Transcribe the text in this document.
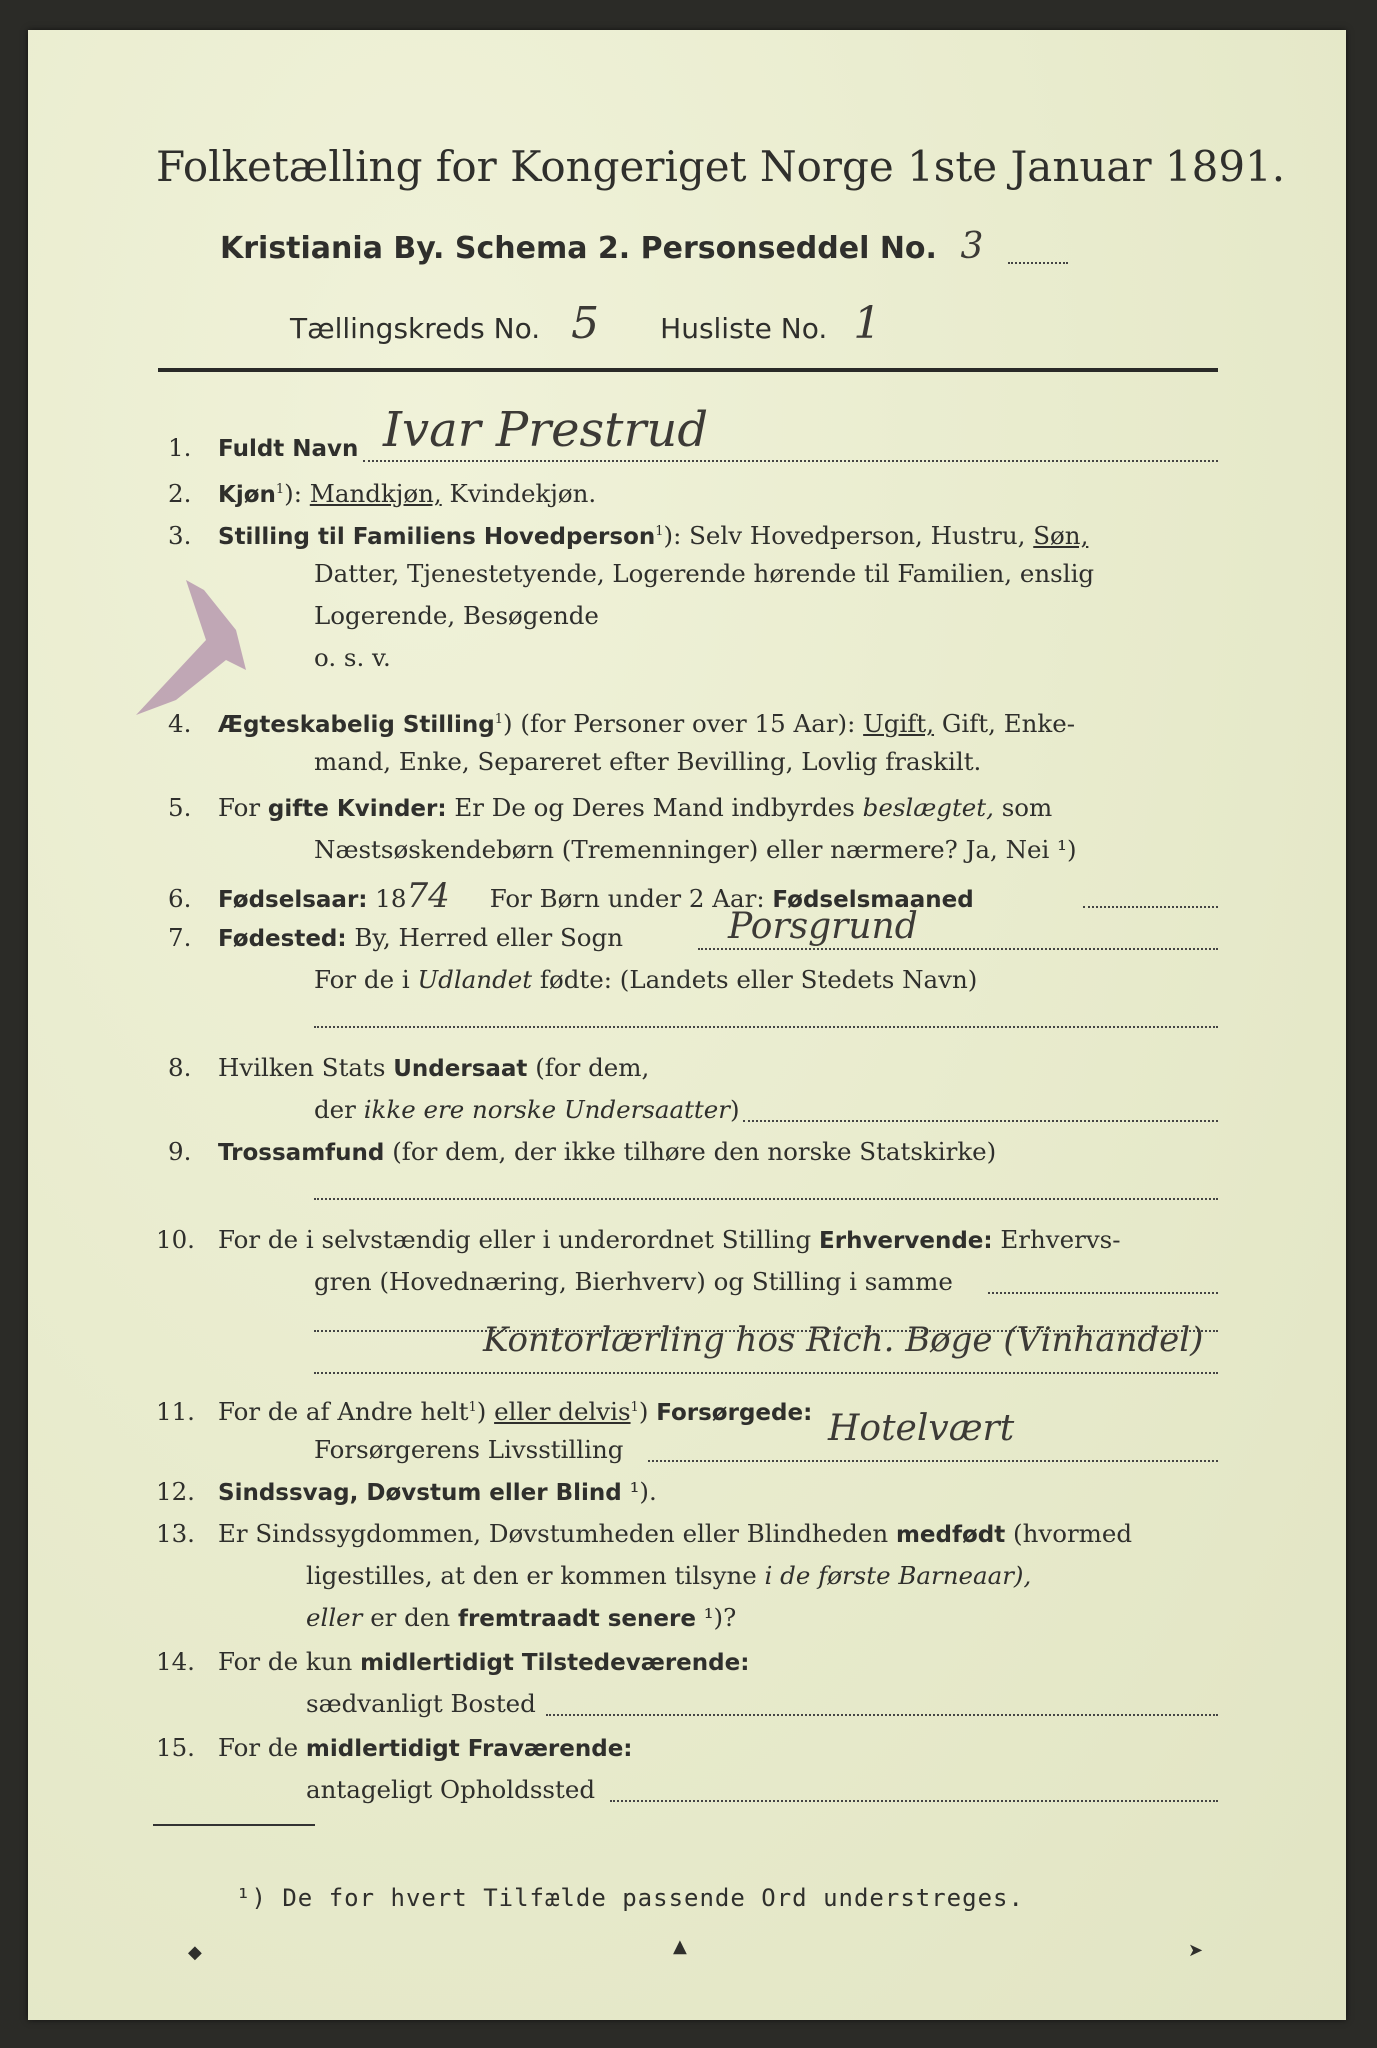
Folketælling for Kongeriget Norge 1ste Januar 1891.
Kristiania By. Schema 2. Personseddel No. 3
Tællingskreds No. 5 Husliste No. 1
1. Fuldt Navn Ivar Prestrud
2. Kjøn$^1$): Mandkjøn, Kvindekjøn.
3. Stilling til Familiens Hovedperson$^1$): Selv Hovedperson, Hustru, Søn,
Datter, Tjenestetyende, Logerende hørende til Familien, enslig
Logerende, Besøgende
o. s. v.
4. Ægteskabelig Stilling$^1$) (for Personer over 15 Aar): Ugift, Gift, Enke-
mand, Enke, Separeret efter Bevilling, Lovlig fraskilt.
5. For gifte Kvinder: Er De og Deres Mand indbyrdes beslægtet, som
Næstsøskendebørn (Tremenninger) eller nærmere? Ja, Nei ¹)
6. Fødselsaar: 1874 For Børn under 2 Aar: Fødselsmaaned
7. Fødested: By, Herred eller Sogn	Porsgrund
For de i Udlandet fødte: (Landets eller Stedets Navn)
8. Hvilken Stats Undersaat (for dem,
der ikke ere norske Undersaatter)
9. Trossamfund (for dem, der ikke tilhøre den norske Statskirke)
10. For de i selvstændig eller i underordnet Stilling Erhvervende: Erhvervs-
gren (Hovednæring, Bierhverv) og Stilling i samme
Kontorlærling hos Rich. Bøge (Vinhandel)
11. For de af Andre helt$^1$) eller delvis$^1$) Forsørgede:
Forsørgerens Livsstilling
Hotelvært
12. Sindssvag, Døvstum eller Blind ¹).
13. Er Sindssygdommen, Døvstumheden eller Blindheden medfødt (hvormed
ligestilles, at den er kommen tilsyne i de første Barneaar),
eller er den fremtraadt senere ¹)?
14. For de kun midlertidigt Tilstedeværende:
sædvanligt Bosted
15. For de midlertidigt Fraværende:
antageligt Opholdssted
¹) De for hvert Tilfælde passende Ord understreges.
◆	▲	➤
